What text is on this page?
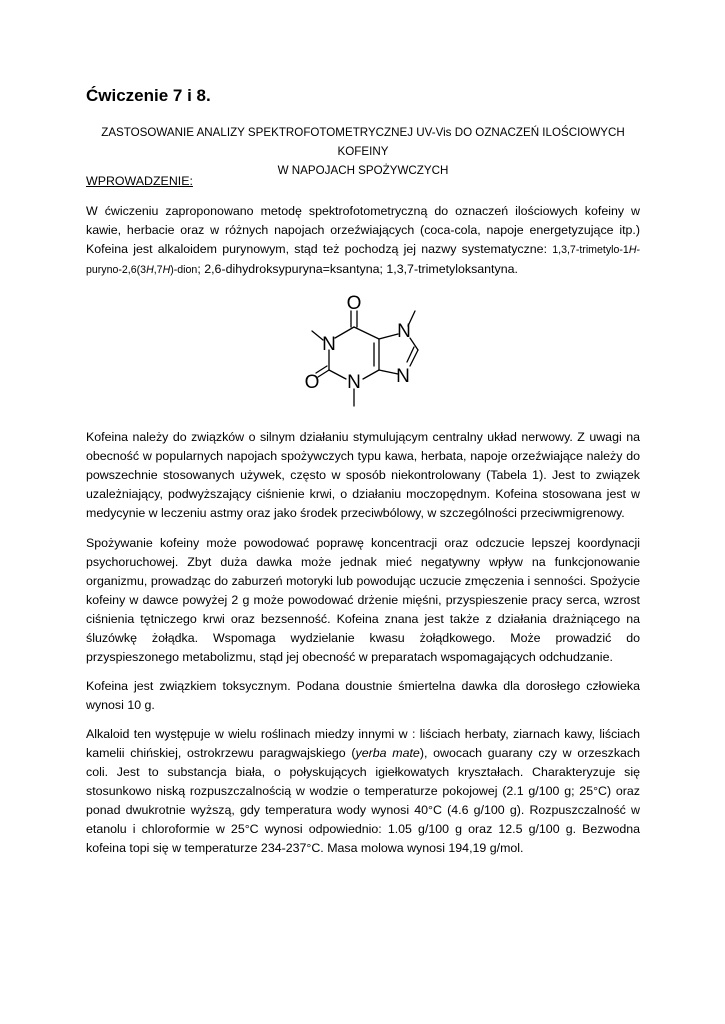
Ćwiczenie 7 i 8.
ZASTOSOWANIE ANALIZY SPEKTROFOTOMETRYCZNEJ UV-Vis DO OZNACZEŃ ILOŚCIOWYCH KOFEINY
W NAPOJACH SPOŻYWCZYCH

WPROWADZENIE:

W ćwiczeniu zaproponowano metodę spektrofotometryczną do oznaczeń ilościowych kofeiny w kawie, herbacie oraz w różnych napojach orzeźwiających (coca-cola, napoje energetyzujące itp.) Kofeina jest alkaloidem purynowym, stąd też pochodzą jej nazwy systematyczne: 1,3,7-trimetylo-1H-puryno-2,6(3H,7H)-dion; 2,6-dihydroksypuryna=ksantyna; 1,3,7-trimetyloksantyna.

O
O
N
N
N
N

Kofeina należy do związków o silnym działaniu stymulującym centralny układ nerwowy. Z uwagi na obecność w popularnych napojach spożywczych typu kawa, herbata, napoje orzeźwiające należy do powszechnie stosowanych używek, często w sposób niekontrolowany (Tabela 1). Jest to związek uzależniający, podwyższający ciśnienie krwi, o działaniu moczopędnym. Kofeina stosowana jest w medycynie w leczeniu astmy oraz jako środek przeciwbólowy, w szczególności przeciwmigrenowy.

Spożywanie kofeiny może powodować poprawę koncentracji oraz odczucie lepszej koordynacji psychoruchowej. Zbyt duża dawka może jednak mieć negatywny wpływ na funkcjonowanie organizmu, prowadząc do zaburzeń motoryki lub powodując uczucie zmęczenia i senności. Spożycie kofeiny w dawce powyżej 2 g może powodować drżenie mięśni, przyspieszenie pracy serca, wzrost ciśnienia tętniczego krwi oraz bezsenność. Kofeina znana jest także z działania drażniącego na śluzówkę żołądka. Wspomaga wydzielanie kwasu żołądkowego. Może prowadzić do przyspieszonego metabolizmu, stąd jej obecność w preparatach wspomagających odchudzanie.

Kofeina jest związkiem toksycznym. Podana doustnie śmiertelna dawka dla dorosłego człowieka wynosi 10 g.

Alkaloid ten występuje w wielu roślinach miedzy innymi w : liściach herbaty, ziarnach kawy, liściach kamelii chińskiej, ostrokrzewu paragwajskiego (yerba mate), owocach guarany czy w orzeszkach coli. Jest to substancja biała, o połyskujących igiełkowatych kryształach. Charakteryzuje się stosunkowo niską rozpuszczalnością w wodzie o temperaturze pokojowej (2.1 g/100 g; 25°C) oraz ponad dwukrotnie wyższą, gdy temperatura wody wynosi 40°C (4.6 g/100 g). Rozpuszczalność w etanolu i chloroformie w 25°C wynosi odpowiednio: 1.05 g/100 g oraz 12.5 g/100 g. Bezwodna kofeina topi się w temperaturze 234-237°C. Masa molowa wynosi 194,19 g/mol.
